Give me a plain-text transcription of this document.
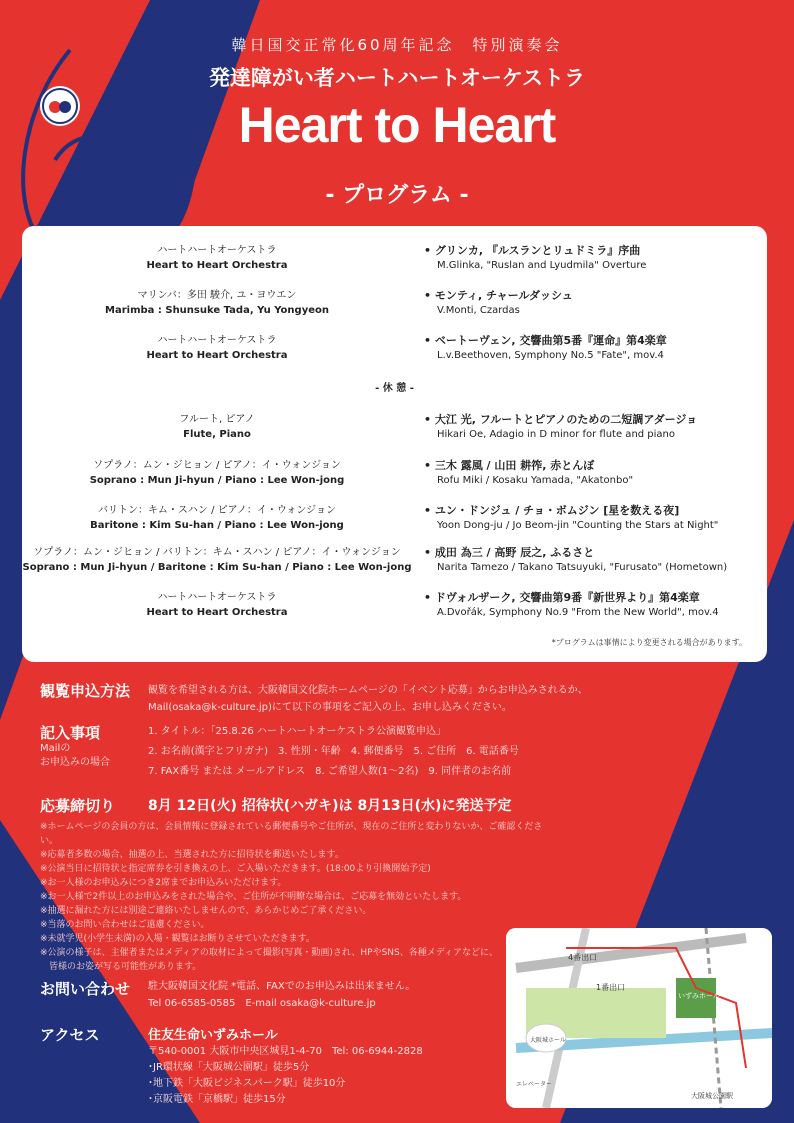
韓日国交正常化60周年記念　特別演奏会
発達障がい者ハートハートオーケストラ
Heart to Heart
- プログラム -
ハートハートオーケストラ
Heart to Heart Orchestra
• グリンカ, 『ルスランとリュドミラ』序曲
M.Glinka, "Ruslan and Lyudmila" Overture
マリンバ：多田 駿介, ユ・ヨウエン
Marimba : Shunsuke Tada, Yu Yongyeon
• モンティ, チャールダッシュ
V.Monti, Czardas
ハートハートオーケストラ
Heart to Heart Orchestra
• ベートーヴェン, 交響曲第5番『運命』第4楽章
L.v.Beethoven, Symphony No.5 "Fate", mov.4
- 休 憩 -
フルート, ピアノ
Flute, Piano
• 大江 光, フルートとピアノのための二短調アダージョ
Hikari Oe, Adagio in D minor for flute and piano
ソプラノ：ムン・ジヒョン / ピアノ：イ・ウォンジョン
Soprano : Mun Ji-hyun / Piano : Lee Won-jong
• 三木 露風 / 山田 耕筰, 赤とんぼ
Rofu Miki / Kosaku Yamada, "Akatonbo"
バリトン：キム・スハン / ピアノ：イ・ウォンジョン
Baritone : Kim Su-han / Piano : Lee Won-jong
• ユン・ドンジュ / チョ・ボムジン [星を数える夜]
Yoon Dong-ju / Jo Beom-jin "Counting the Stars at Night"
ソプラノ：ムン・ジヒョン / バリトン：キム・スハン / ピアノ：イ・ウォンジョン
Soprano : Mun Ji-hyun / Baritone : Kim Su-han / Piano : Lee Won-jong
• 成田 為三 / 高野 辰之, ふるさと
Narita Tamezo / Takano Tatsuyuki, "Furusato" (Hometown)
ハートハートオーケストラ
Heart to Heart Orchestra
• ドヴォルザーク, 交響曲第9番『新世界より』第4楽章
A.Dvořák, Symphony No.9 "From the New World", mov.4
*プログラムは事情により変更される場合があります。
観覧申込方法 観覧を希望される方は、大阪韓国文化院ホームページの「イベント応募」からお申込みされるか、
Mail(osaka@k-culture.jp)にて以下の事項をご記入の上、お申し込みください。
記入事項
Mailの
お申込みの場合
1. タイトル：「25.8.26 ハートハートオーケストラ公演観覧申込」
2. お名前(漢字とフリガナ)　3. 性別・年齢　4. 郵便番号　5. ご住所　6. 電話番号
7. FAX番号 または メールアドレス　8. ご希望人数(1〜2名)　9. 同伴者のお名前
応募締切り 8月 12日(火) 招待状(ハガキ)は 8月13日(水)に発送予定
※ホームページの会員の方は、会員情報に登録されている郵便番号やご住所が、現在のご住所と変わりないか、ご確認ください。
※応募者多数の場合、抽選の上、当選された方に招待状を郵送いたします。
※公演当日に招待状と指定席券を引き換えの上、ご入場いただきます。(18:00より引換開始予定)
※お一人様のお申込みにつき2席までお申込みいただけます。
※お一人様で2件以上のお申込みをされた場合や、ご住所が不明瞭な場合は、ご応募を無効といたします。
※抽選に漏れた方には別途ご連絡いたしませんので、あらかじめご了承ください。
※当落のお問い合わせはご遠慮ください。
※未就学児(小学生未満)の入場・観覧はお断りさせていただきます。
※公演の様子は、主催者またはメディアの取材によって撮影(写真・動画)され、HPやSNS、各種メディアなどに、
　皆様のお姿が写る可能性があります。
お問い合わせ 駐大阪韓国文化院 *電話、FAXでのお申込みは出来ません。
Tel 06-6585-0585　E-mail osaka@k-culture.jp
アクセス	住友生命いずみホール
〒540-0001 大阪市中央区城見1-4-70　Tel: 06-6944-2828
･JR環状線「大阪城公園駅」徒歩5分
･地下鉄「大阪ビジネスパーク駅」徒歩10分
･京阪電鉄「京橋駅」徒歩15分
4番出口
1番出口
いずみホール
大阪城ホール
大阪城公園駅
エレベーター
